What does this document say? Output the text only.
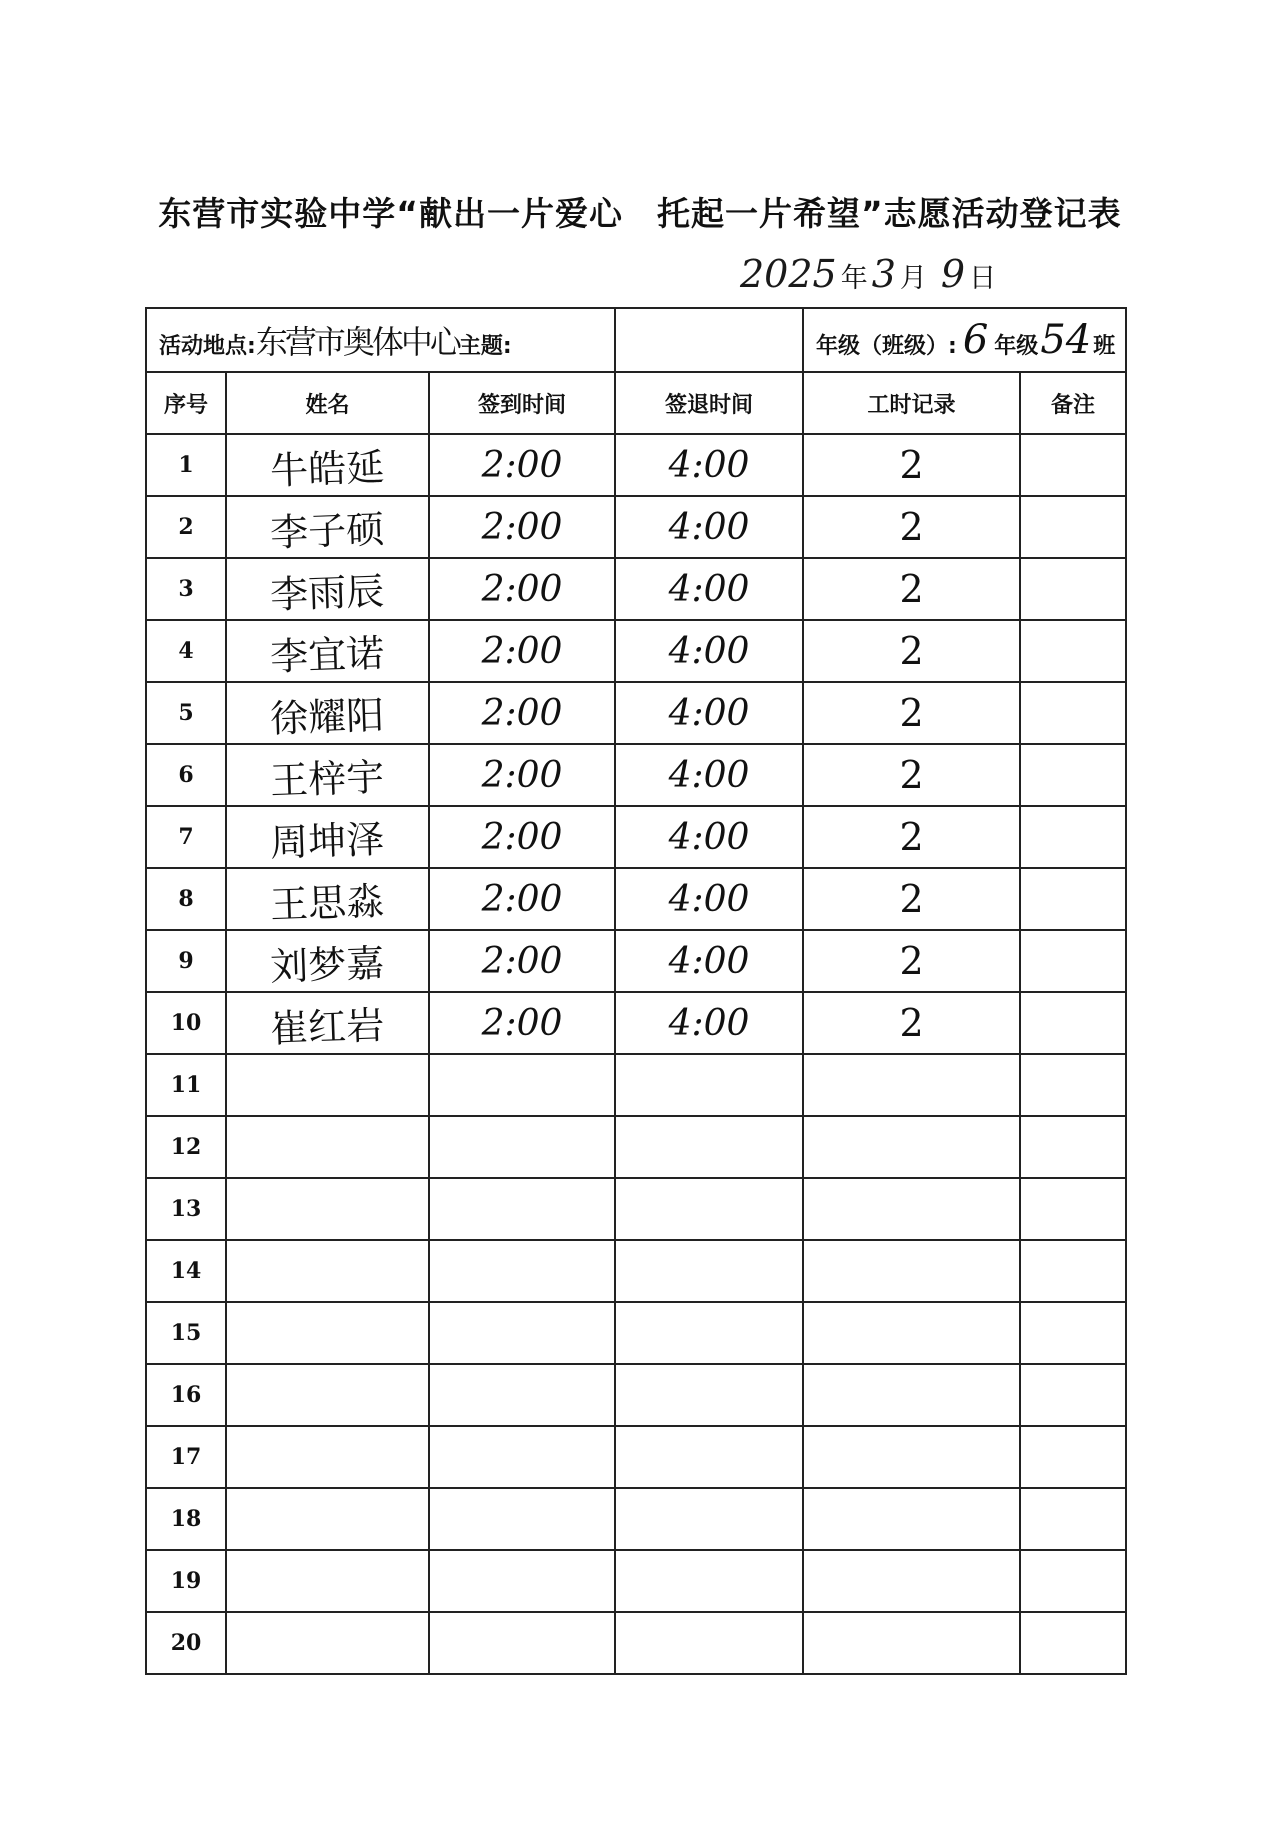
东营市实验中学“献出一片爱心　托起一片希望”志愿活动登记表
2025 年 3 月 9 日
活动地点:东营市奥体中心主题:				年级（班级）: 6 年级54班	
序号	姓名	签到时间	签退时间	工时记录	备注
1	牛皓延	2:00	4:00	2	
2	李子硕	2:00	4:00	2	
3	李雨辰	2:00	4:00	2	
4	李宜诺	2:00	4:00	2	
5	徐耀阳	2:00	4:00	2	
6	王梓宇	2:00	4:00	2	
7	周坤泽	2:00	4:00	2	
8	王思淼	2:00	4:00	2	
9	刘梦嘉	2:00	4:00	2	
10	崔红岩	2:00	4:00	2	
11					
12					
13					
14					
15					
16					
17					
18					
19					
20					
